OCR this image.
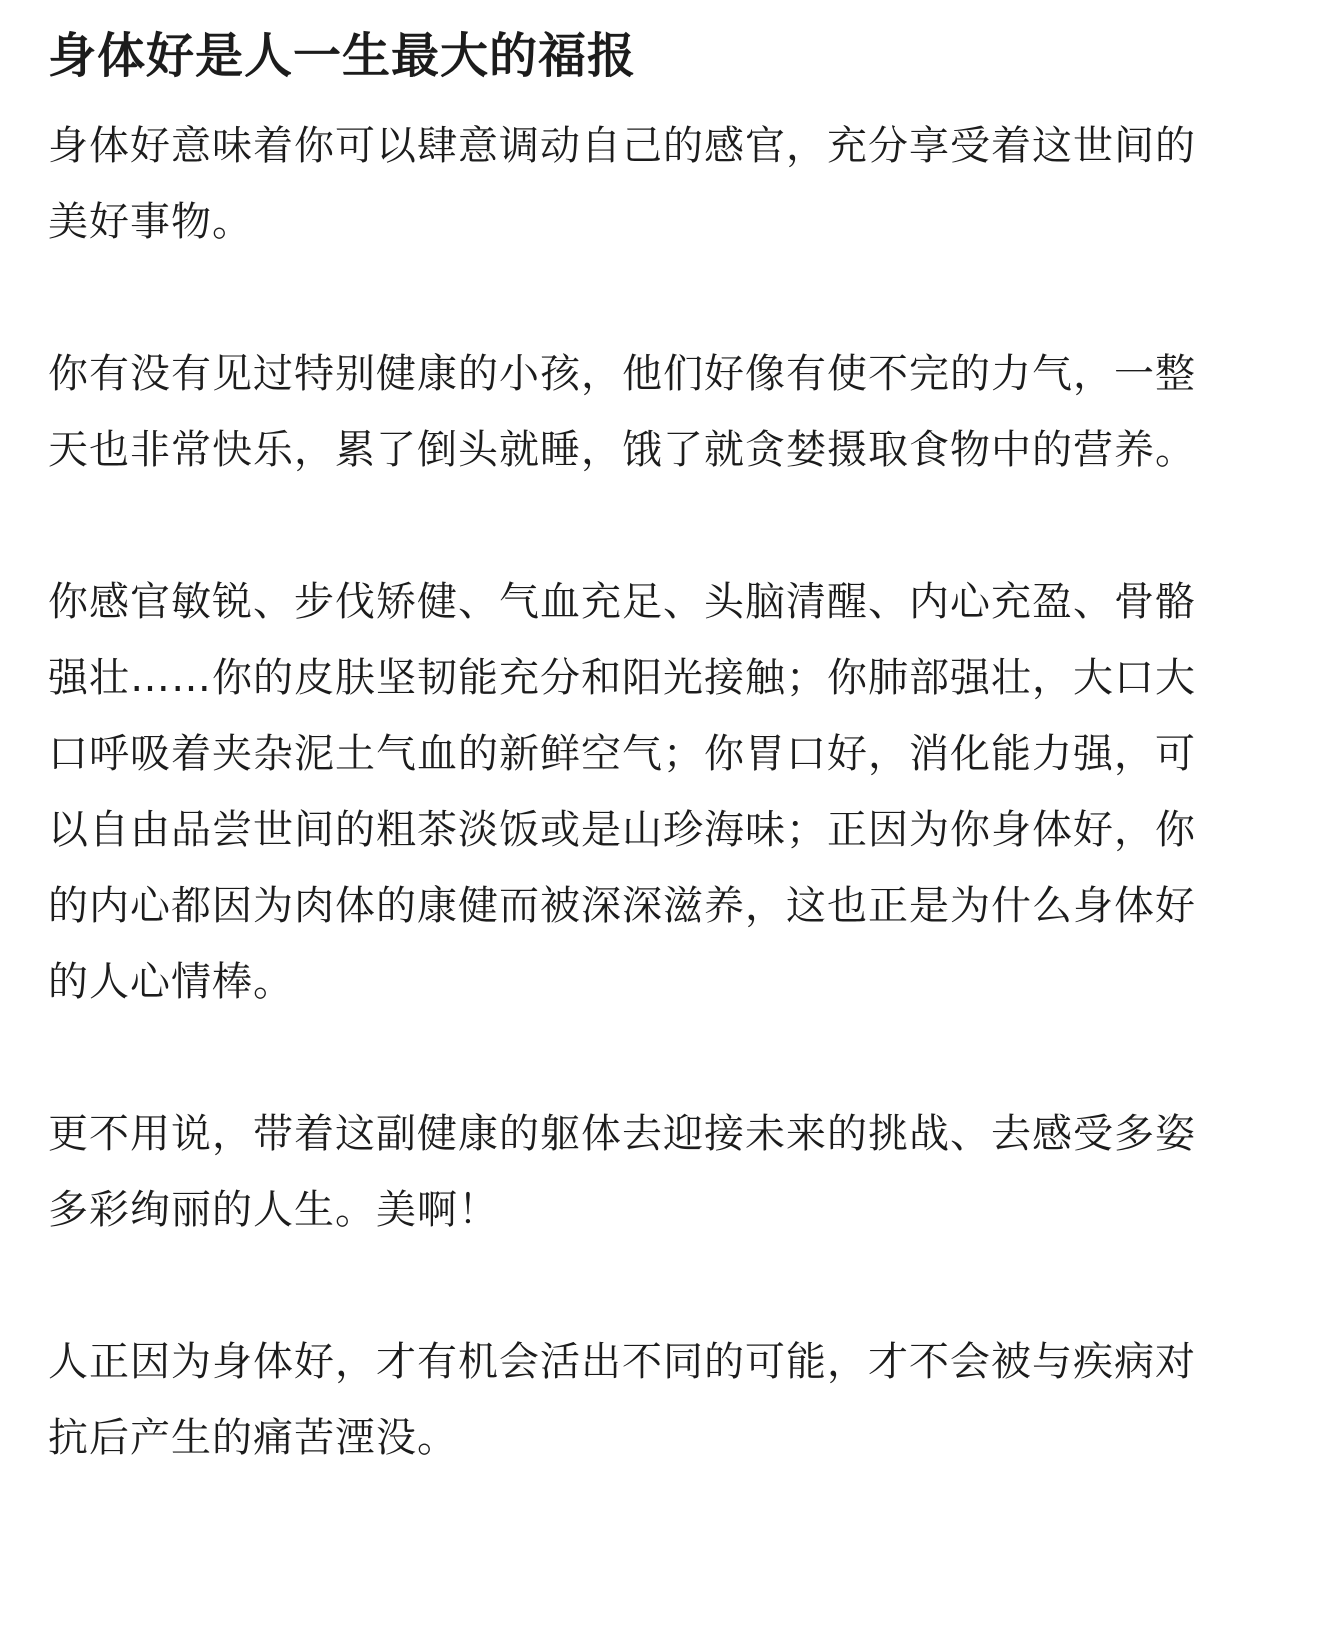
身体好是人一生最大的福报

身体好意味着你可以肆意调动自己的感官，充分享受着这世间的美好事物。

你有没有见过特别健康的小孩，他们好像有使不完的力气，一整天也非常快乐，累了倒头就睡，饿了就贪婪摄取食物中的营养。

你感官敏锐、步伐矫健、气血充足、头脑清醒、内心充盈、骨骼强壮……你的皮肤坚韧能充分和阳光接触；你肺部强壮，大口大口呼吸着夹杂泥土气血的新鲜空气；你胃口好，消化能力强，可以自由品尝世间的粗茶淡饭或是山珍海味；正因为你身体好，你的内心都因为肉体的康健而被深深滋养，这也正是为什么身体好的人心情棒。

更不用说，带着这副健康的躯体去迎接未来的挑战、去感受多姿多彩绚丽的人生。美啊！

人正因为身体好，才有机会活出不同的可能，才不会被与疾病对抗后产生的痛苦湮没。
